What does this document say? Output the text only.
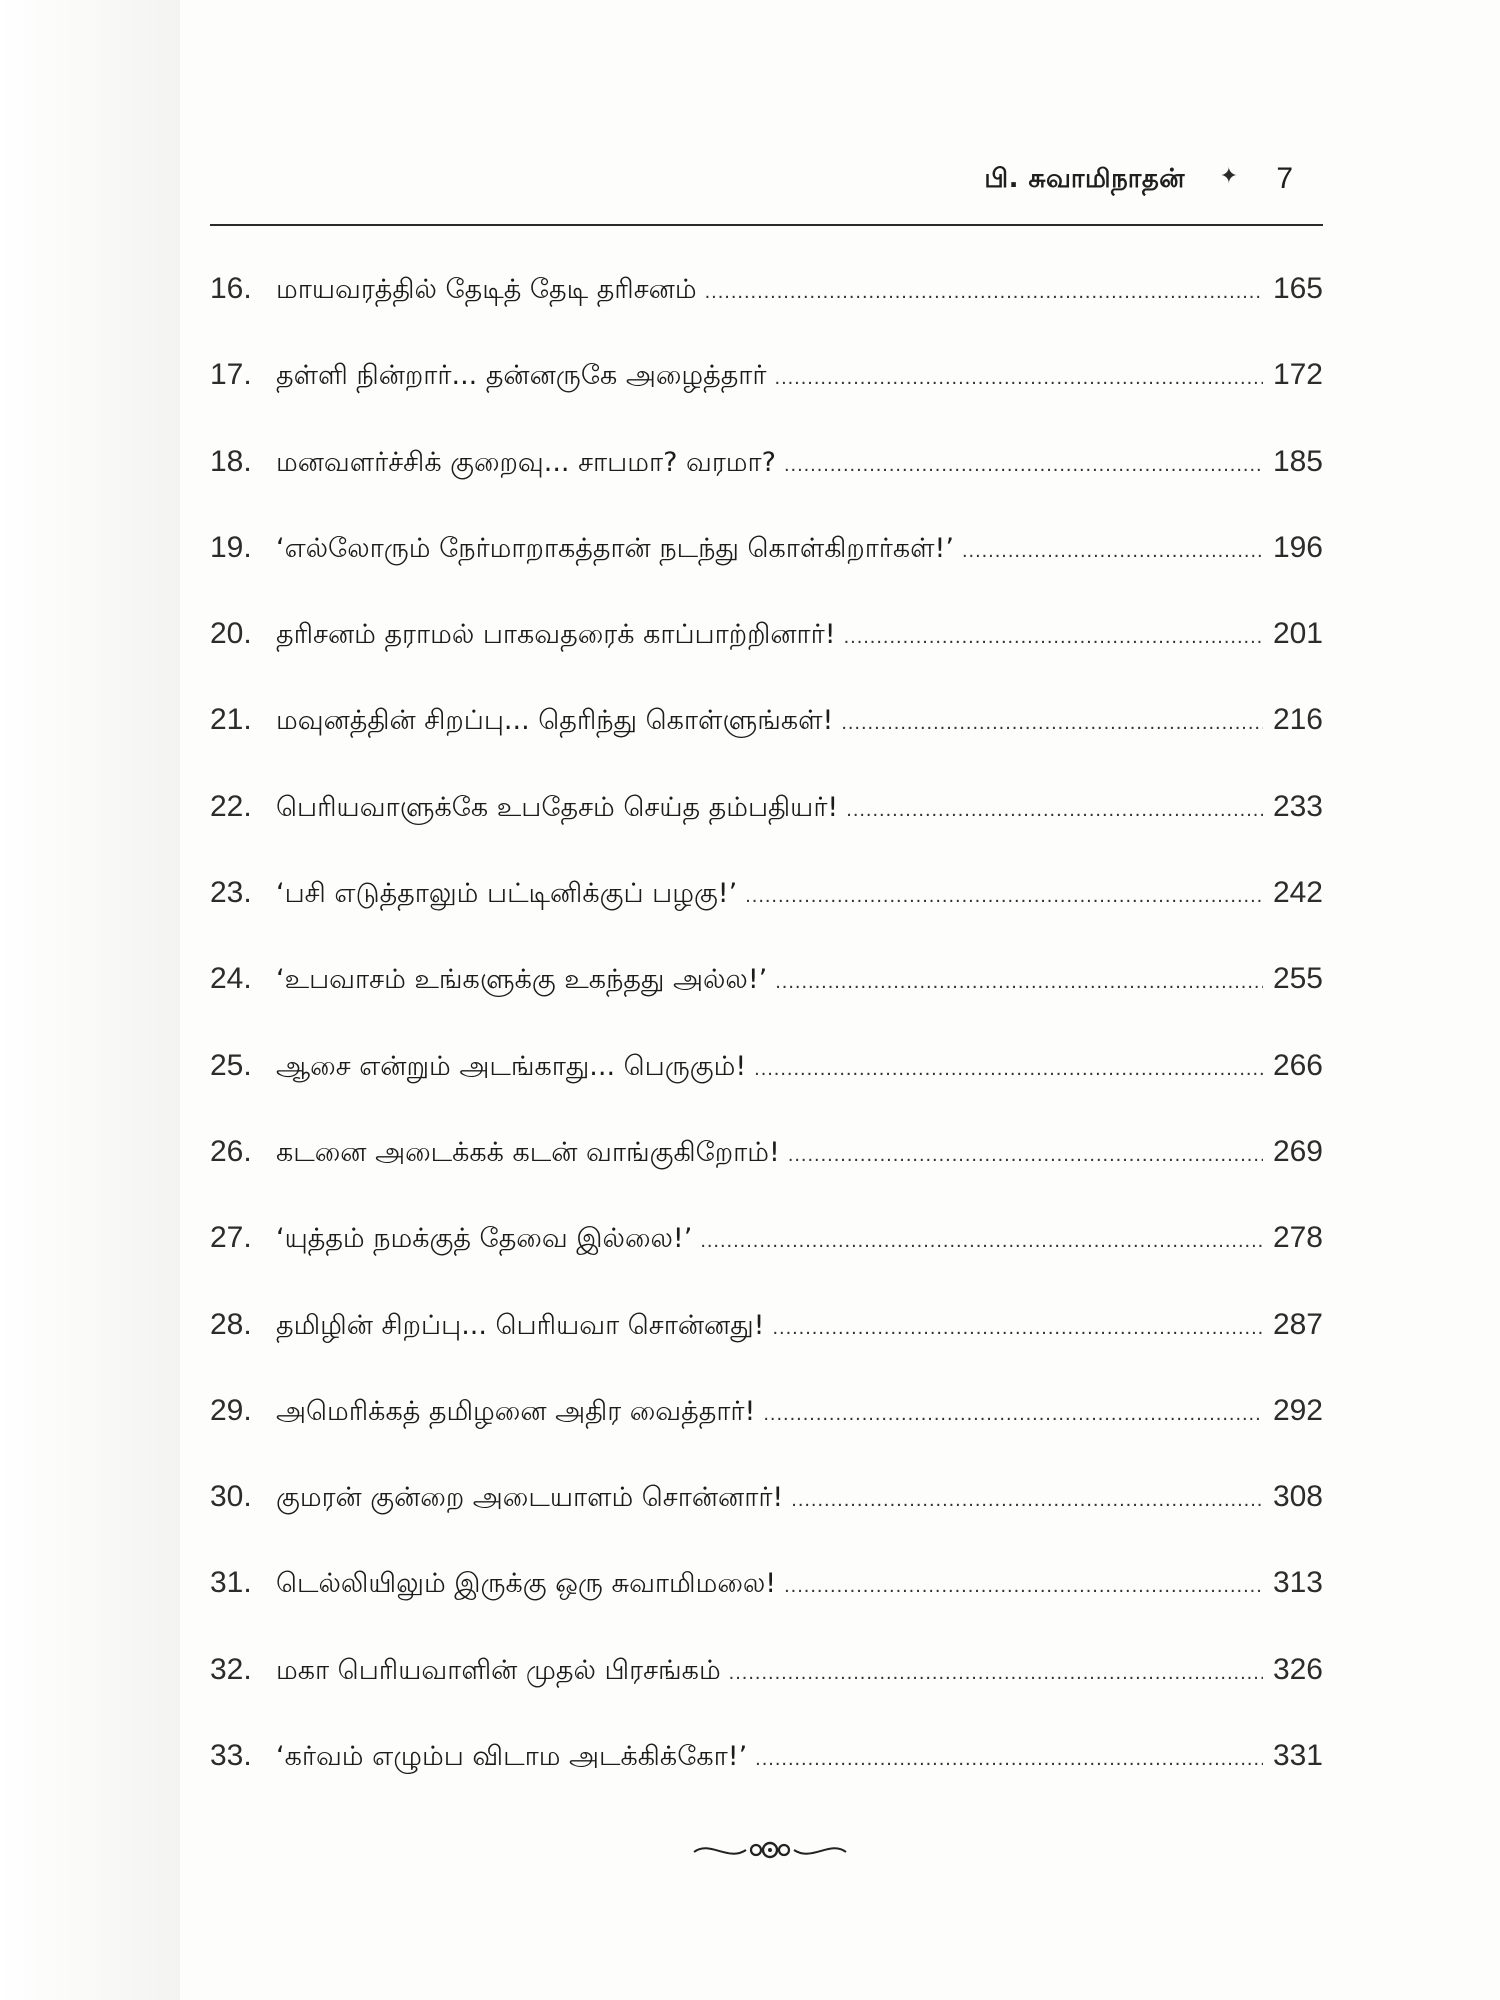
பி. சுவாமிநாதன் ✦ 7
16. மாயவரத்தில் தேடித் தேடி தரிசனம் .....	165
17. தள்ளி நின்றார்... தன்னருகே அழைத்தார் .....	172
18. மனவளர்ச்சிக் குறைவு... சாபமா? வரமா? .....	185
19. ‘எல்லோரும் நேர்மாறாகத்தான் நடந்து கொள்கிறார்கள்!’ .....	196
20. தரிசனம் தராமல் பாகவதரைக் காப்பாற்றினார்! .....	201
21. மவுனத்தின் சிறப்பு... தெரிந்து கொள்ளுங்கள்! .....	216
22. பெரியவாளுக்கே உபதேசம் செய்த தம்பதியர்! .....	233
23. ‘பசி எடுத்தாலும் பட்டினிக்குப் பழகு!’ .....	242
24. ‘உபவாசம் உங்களுக்கு உகந்தது அல்ல!’ .....	255
25. ஆசை என்றும் அடங்காது... பெருகும்! .....	266
26. கடனை அடைக்கக் கடன் வாங்குகிறோம்! .....	269
27. ‘யுத்தம் நமக்குத் தேவை இல்லை!’ .....	278
28. தமிழின் சிறப்பு... பெரியவா சொன்னது! .....	287
29. அமெரிக்கத் தமிழனை அதிர வைத்தார்! .....	292
30. குமரன் குன்றை அடையாளம் சொன்னார்! .....	308
31. டெல்லியிலும் இருக்கு ஒரு சுவாமிமலை! .....	313
32. மகா பெரியவாளின் முதல் பிரசங்கம் .....	326
33. ‘கர்வம் எழும்ப விடாம அடக்கிக்கோ!’ .....	331
